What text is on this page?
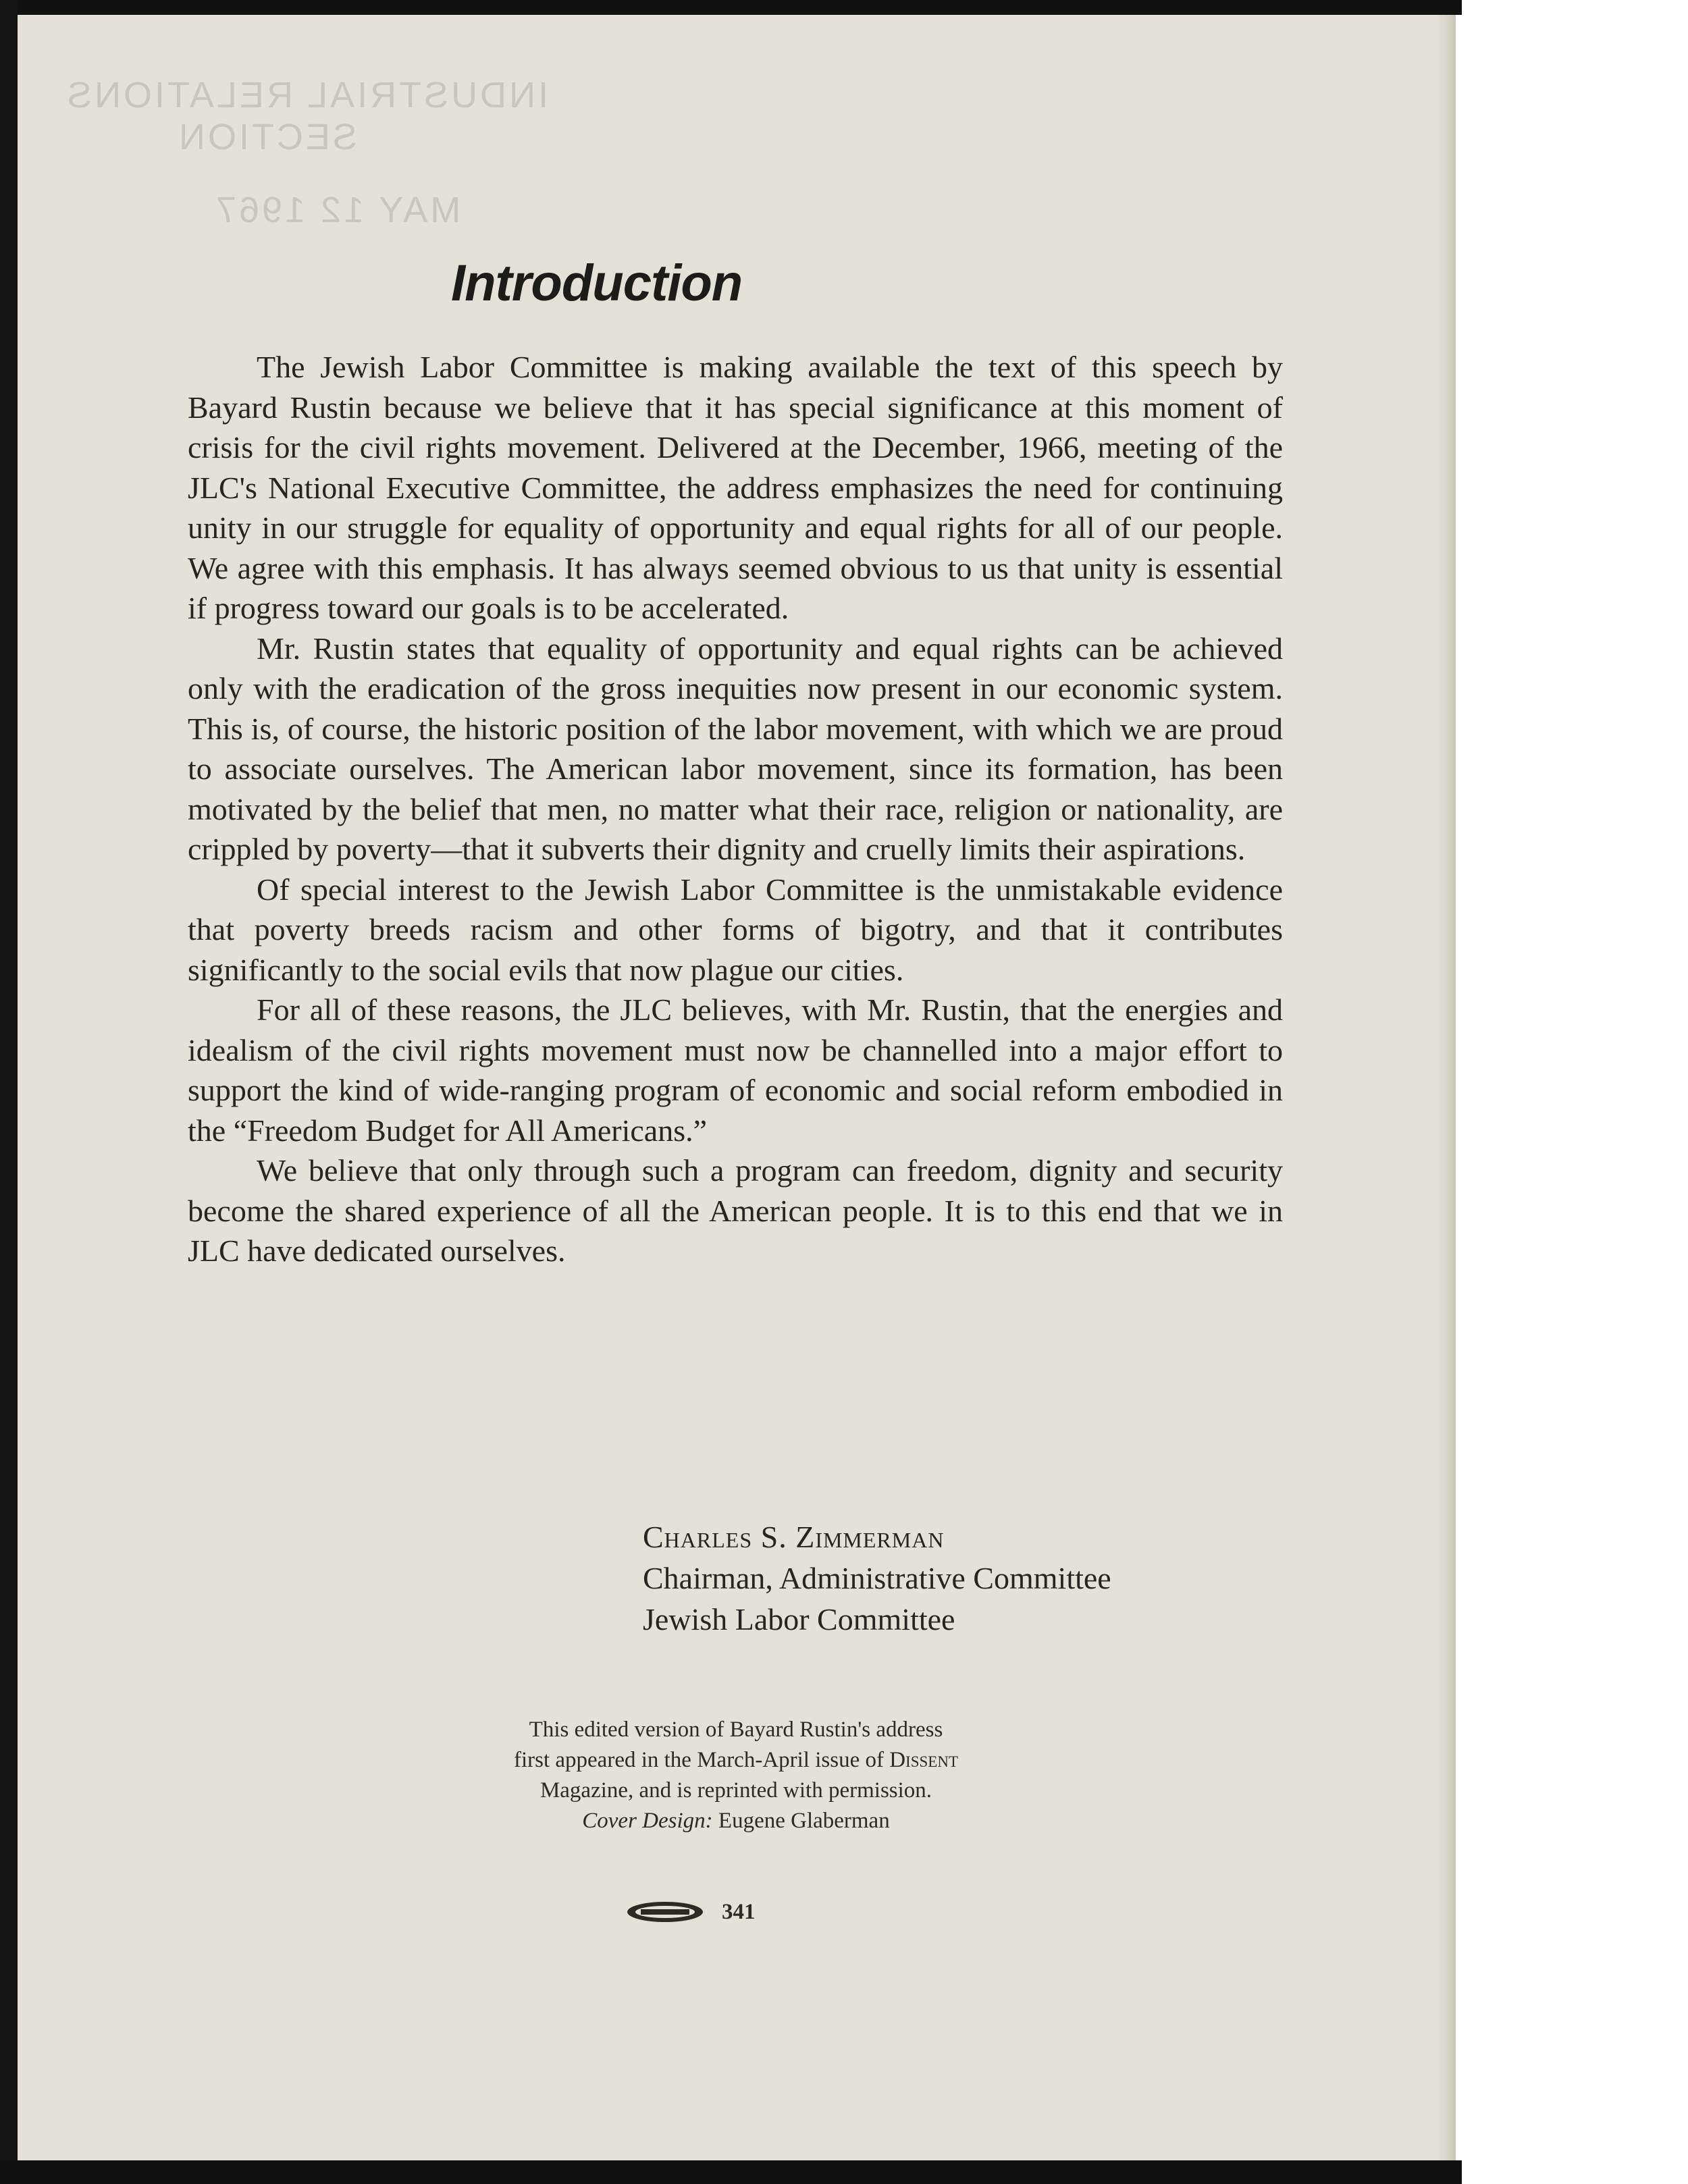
INDUSTRIAL RELATIONS
SECTION
MAY 12 1967
Introduction

The Jewish Labor Committee is making available the text of this speech by Bayard Rustin because we believe that it has special significance at this moment of crisis for the civil rights movement. Delivered at the December, 1966, meeting of the JLC's National Executive Committee, the address emphasizes the need for continuing unity in our struggle for equality of opportunity and equal rights for all of our people. We agree with this emphasis. It has always seemed obvious to us that unity is essential if progress toward our goals is to be accelerated.

Mr. Rustin states that equality of opportunity and equal rights can be achieved only with the eradication of the gross inequities now present in our economic system. This is, of course, the historic position of the labor movement, with which we are proud to associate ourselves. The American labor movement, since its formation, has been motivated by the belief that men, no matter what their race, religion or nationality, are crippled by poverty—that it subverts their dignity and cruelly limits their aspirations.

Of special interest to the Jewish Labor Committee is the unmistakable evidence that poverty breeds racism and other forms of bigotry, and that it contributes significantly to the social evils that now plague our cities.

For all of these reasons, the JLC believes, with Mr. Rustin, that the energies and idealism of the civil rights movement must now be channelled into a major effort to support the kind of wide-ranging program of economic and social reform embodied in the “Freedom Budget for All Americans.”

We believe that only through such a program can freedom, dignity and security become the shared experience of all the American people. It is to this end that we in JLC have dedicated ourselves.

Charles S. Zimmerman
Chairman, Administrative Committee
Jewish Labor Committee
This edited version of Bayard Rustin's address
first appeared in the March-April issue of Dissent
Magazine, and is reprinted with permission.
Cover Design: Eugene Glaberman
341
